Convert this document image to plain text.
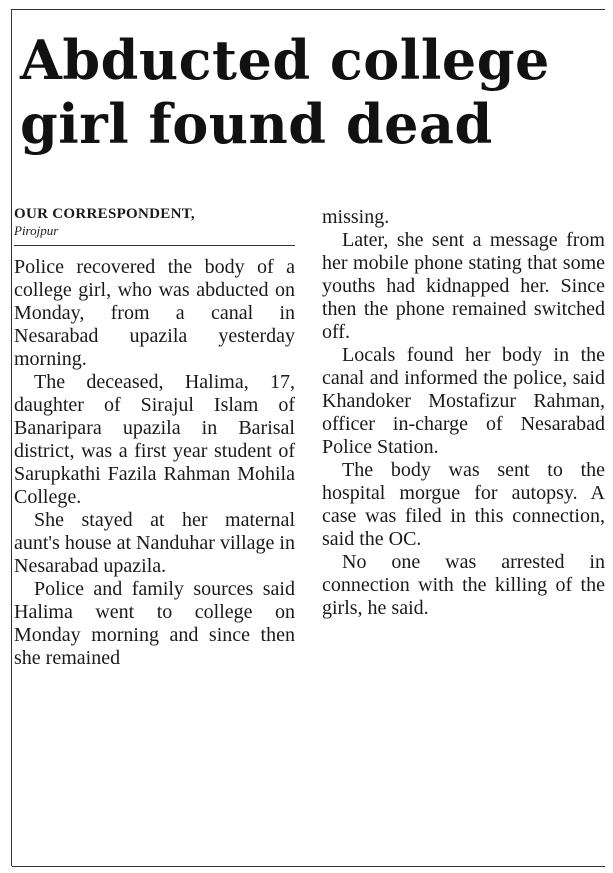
Abducted college girl found dead
OUR CORRESPONDENT,
Pirojpur

Police recovered the body of a college girl, who was abducted on Monday, from a canal in Nesarabad upazila yesterday morning.

The deceased, Halima, 17, daughter of Sirajul Islam of Banaripara upazila in Barisal district, was a first year student of Sarupkathi Fazila Rahman Mohila College.

She stayed at her maternal aunt's house at Nanduhar village in Nesarabad upazila.

Police and family sources said Halima went to college on Monday morning and since then she remained

missing.

Later, she sent a message from her mobile phone stating that some youths had kidnapped her. Since then the phone remained switched off.

Locals found her body in the canal and informed the police, said Khandoker Mostafizur Rahman, officer in-charge of Nesarabad Police Station.

The body was sent to the hospital morgue for autopsy. A case was filed in this connection, said the OC.

No one was arrested in connection with the killing of the girls, he said.
